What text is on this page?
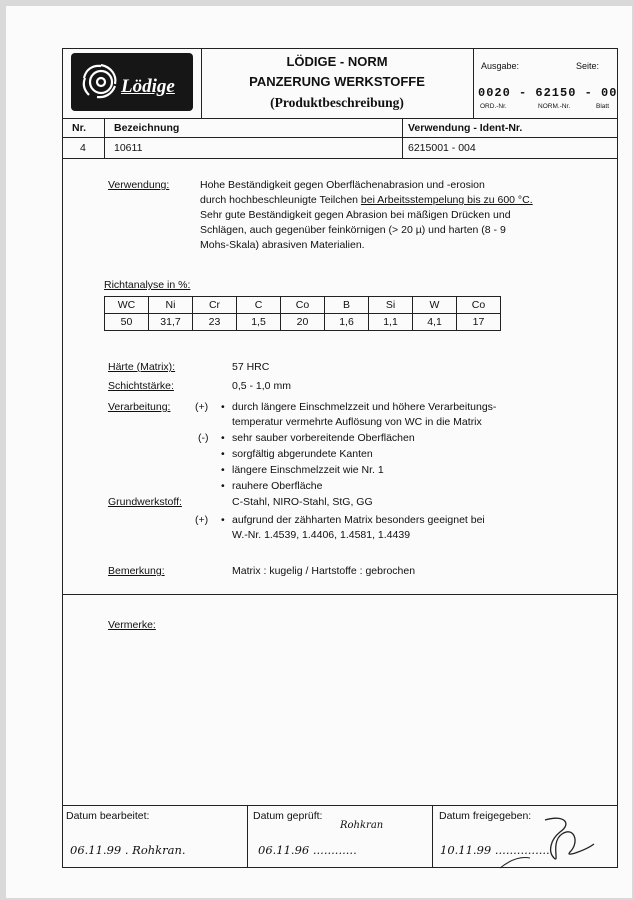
Lödige
LÖDIGE - NORM
PANZERUNG WERKSTOFFE
(Produktbeschreibung)
Ausgabe:	Seite:
0020 - 62150 - 00
ORD.-Nr.	NORM.-Nr.	Blatt
Nr.	Bezeichnung	Verwendung - Ident-Nr.
4	10611	6215001 - 004
Verwendung:	Hohe Beständigkeit gegen Oberflächenabrasion und -erosion
durch hochbeschleunigte Teilchen bei Arbeitsstempelung bis zu 600 °C.
Sehr gute Beständigkeit gegen Abrasion bei mäßigen Drücken und
Schlägen, auch gegenüber feinkörnigen (> 20 µ) und harten (8 - 9
Mohs-Skala) abrasiven Materialien.
Richtanalyse in %:
WC	Ni	Cr	C	Co	B	Si	W	Co
50	31,7	23	1,5	20	1,6	1,1	4,1	17
Härte (Matrix):	57 HRC
Schichtstärke:	0,5 - 1,0 mm
Verarbeitung: (+) • durch längere Einschmelzzeit und höhere Verarbeitungs-
temperatur vermehrte Auflösung von WC in die Matrix
(-) • sehr sauber vorbereitende Oberflächen
• sorgfältig abgerundete Kanten
• längere Einschmelzzeit wie Nr. 1
• rauhere Oberfläche
Grundwerkstoff:	C-Stahl, NIRO-Stahl, StG, GG
(+) • aufgrund der zähharten Matrix besonders geeignet bei
W.-Nr. 1.4539, 1.4406, 1.4581, 1.4439
Bemerkung:	Matrix : kugelig / Hartstoffe : gebrochen
Vermerke:
Datum bearbeitet:
06.11.99 . Rohkran.
Datum geprüft:
06.11.96 ............
Rohkran
Datum freigegeben:
10.11.99 ...............
